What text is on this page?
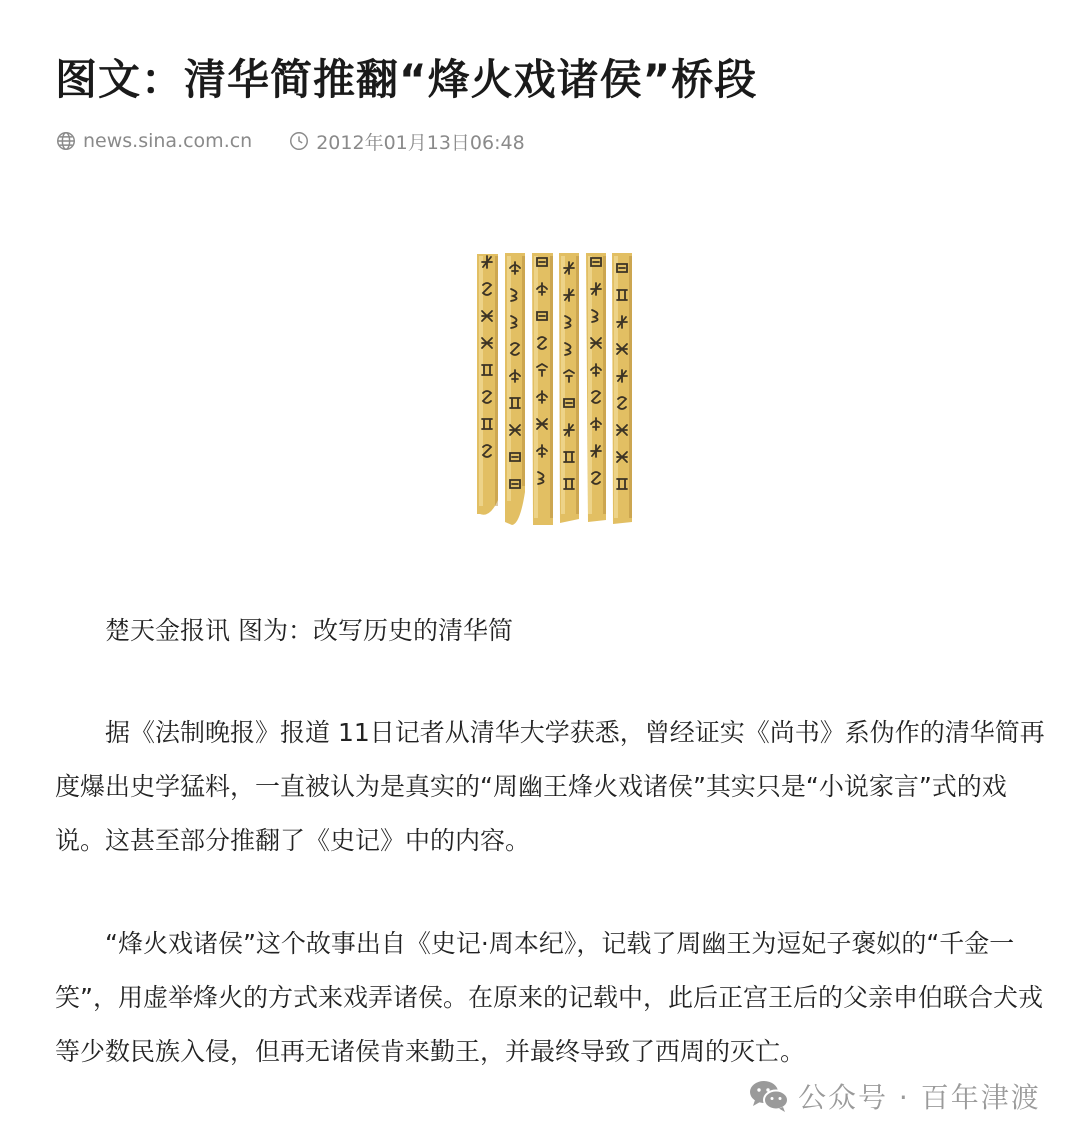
图文：清华简推翻“烽火戏诸侯”桥段
news.sina.com.cn	2012年01月13日06:48

楚天金报讯 图为：改写历史的清华简

据《法制晚报》报道 11日记者从清华大学获悉，曾经证实《尚书》系伪作的清华简再度爆出史学猛料，一直被认为是真实的“周幽王烽火戏诸侯”其实只是“小说家言”式的戏说。这甚至部分推翻了《史记》中的内容。

“烽火戏诸侯”这个故事出自《史记·周本纪》，记载了周幽王为逗妃子褒姒的“千金一笑”，用虚举烽火的方式来戏弄诸侯。在原来的记载中，此后正宫王后的父亲申伯联合犬戎等少数民族入侵，但再无诸侯肯来勤王，并最终导致了西周的灭亡。

公众号 · 百年津渡
